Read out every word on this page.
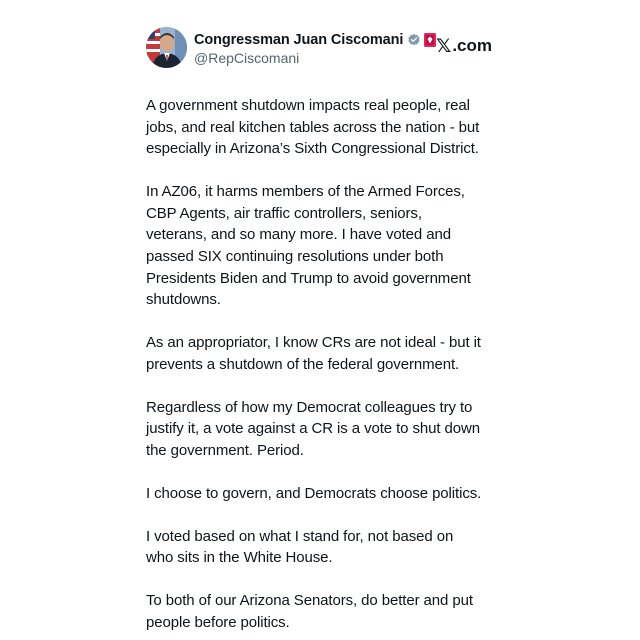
Congressman Juan Ciscomani
@RepCiscomani
𝕏 .com

A government shutdown impacts real people, real
jobs, and real kitchen tables across the nation - but
especially in Arizona’s Sixth Congressional District.

In AZ06, it harms members of the Armed Forces,
CBP Agents, air traffic controllers, seniors,
veterans, and so many more. I have voted and
passed SIX continuing resolutions under both
Presidents Biden and Trump to avoid government
shutdowns.

As an appropriator, I know CRs are not ideal - but it
prevents a shutdown of the federal government.

Regardless of how my Democrat colleagues try to
justify it, a vote against a CR is a vote to shut down
the government. Period.

I choose to govern, and Democrats choose politics.

I voted based on what I stand for, not based on
who sits in the White House.

To both of our Arizona Senators, do better and put
people before politics.
